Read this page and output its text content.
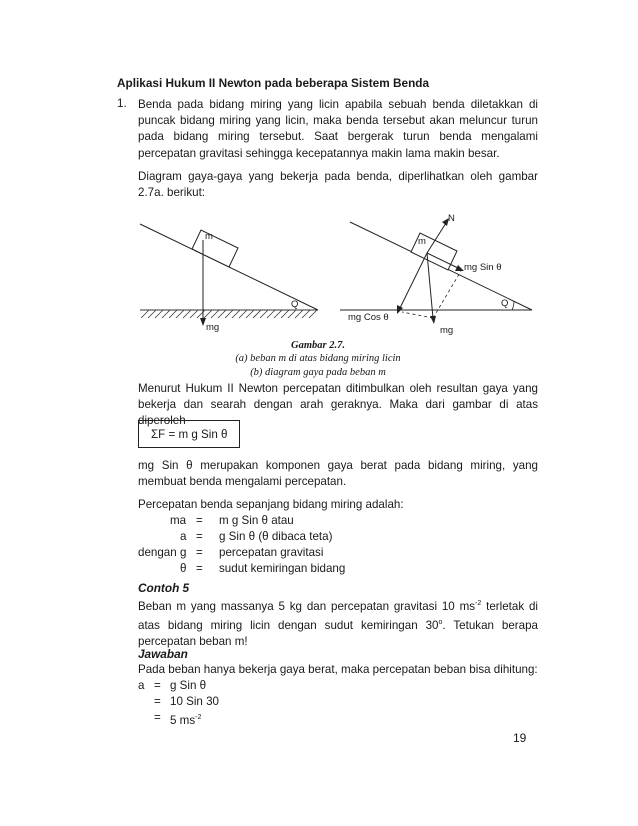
Aplikasi Hukum II Newton pada beberapa Sistem Benda
1. Benda pada bidang miring yang licin apabila sebuah benda diletakkan di puncak bidang miring yang licin, maka benda tersebut akan meluncur turun pada bidang miring tersebut. Saat bergerak turun benda mengalami percepatan gravitasi sehingga kecepatannya makin lama makin besar.
Diagram gaya-gaya yang bekerja pada benda, diperlihatkan oleh gambar 2.7a. berikut:
m
Q
mg
N
m
mg Sin θ
Q
mg Cos θ
mg
Gambar 2.7.
(a) beban m di atas bidang miring licin
(b) diagram gaya pada beban m
Menurut Hukum II Newton percepatan ditimbulkan oleh resultan gaya yang bekerja dan searah dengan arah geraknya. Maka dari gambar di atas diperoleh
ΣF = m g Sin θ
mg Sin θ merupakan komponen gaya berat pada bidang miring, yang membuat benda mengalami percepatan.
Percepatan benda sepanjang bidang miring adalah:
ma = m g Sin θ atau
a = g Sin θ (θ dibaca teta)
dengan g = percepatan gravitasi
θ = sudut kemiringan bidang
Contoh 5
Beban m yang massanya 5 kg dan percepatan gravitasi 10 $ms^{-2}$ terletak di atas bidang miring licin dengan sudut kemiringan 30$^o$. Tetukan berapa percepatan beban m!
Jawaban
Pada beban hanya bekerja gaya berat, maka percepatan beban bisa dihitung:
a = g Sin θ
= 10 Sin 30
= 5 $ms^{-2}$
19
